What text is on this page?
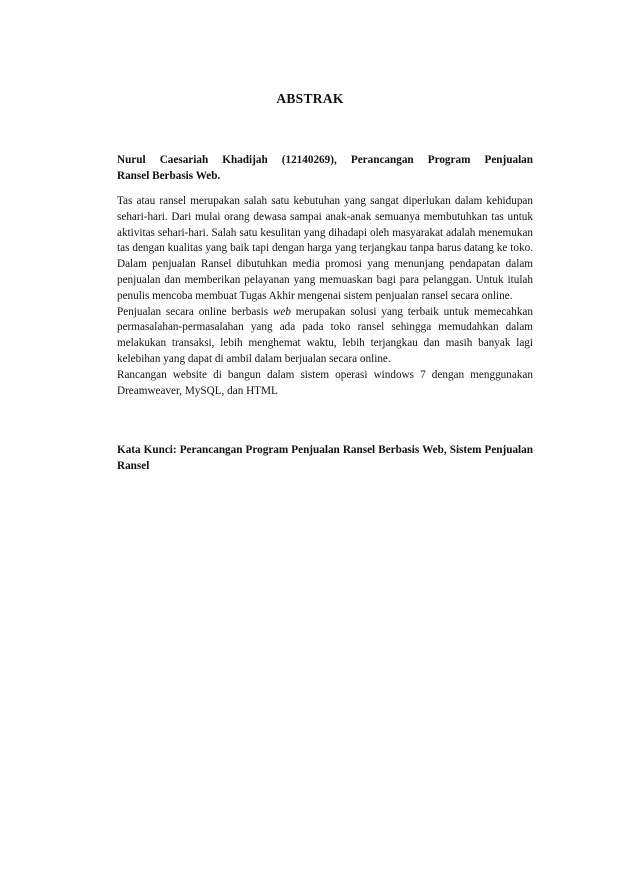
ABSTRAK
Nurul Caesariah Khadijah (12140269), Perancangan Program Penjualan
Ransel Berbasis Web.

Tas atau ransel merupakan salah satu kebutuhan yang sangat diperlukan dalam kehidupan sehari-hari. Dari mulai orang dewasa sampai anak-anak semuanya membutuhkan tas untuk aktivitas sehari-hari. Salah satu kesulitan yang dihadapi oleh masyarakat adalah menemukan tas dengan kualitas yang baik tapi dengan harga yang terjangkau tanpa harus datang ke toko. Dalam penjualan Ransel dibutuhkan media promosi yang menunjang pendapatan dalam penjualan dan memberikan pelayanan yang memuaskan bagi para pelanggan. Untuk itulah penulis mencoba membuat Tugas Akhir mengenai sistem penjualan ransel secara online.

Penjualan secara online berbasis web merupakan solusi yang terbaik untuk memecahkan permasalahan-permasalahan yang ada pada toko ransel sehingga memudahkan dalam melakukan transaksi, lebih menghemat waktu, lebih terjangkau dan masih banyak lagi kelebihan yang dapat di ambil dalam berjualan secara online.

Rancangan website di bangun dalam sistem operasi windows 7 dengan menggunakan Dreamweaver, MySQL, dan HTML

Kata Kunci: Perancangan Program Penjualan Ransel Berbasis Web, Sistem Penjualan Ransel
